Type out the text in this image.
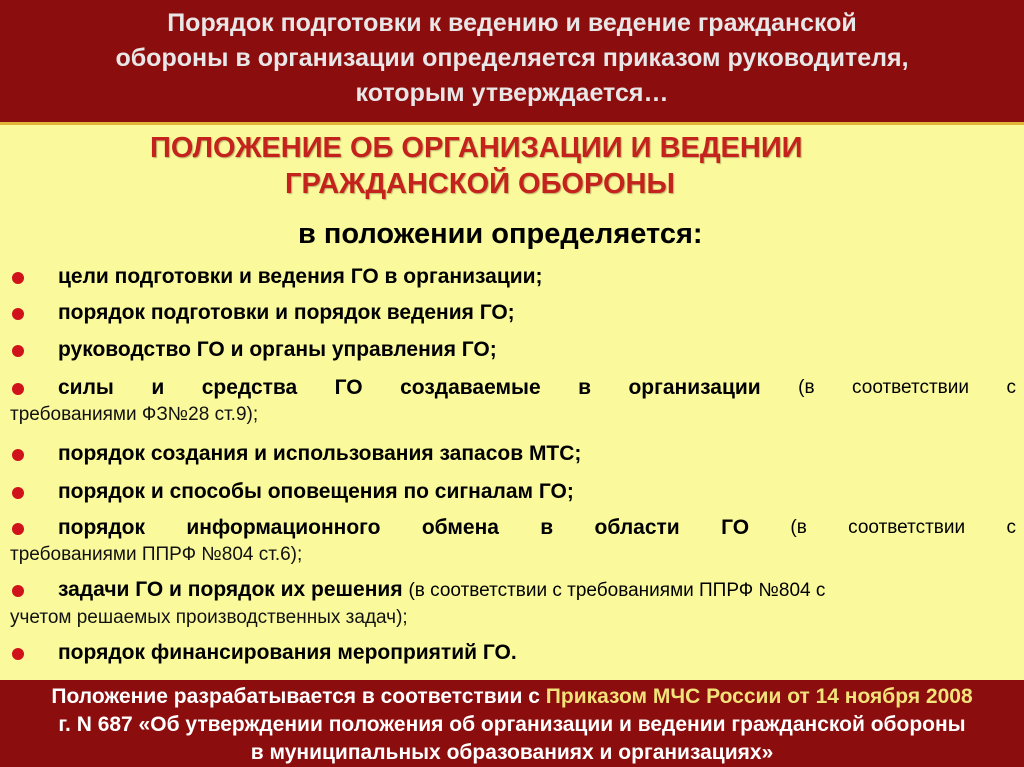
Порядок подготовки к ведению и ведение гражданской
обороны в организации определяется приказом руководителя,
которым утверждается…
ПОЛОЖЕНИЕ ОБ ОРГАНИЗАЦИИ И ВЕДЕНИИ
ГРАЖДАНСКОЙ ОБОРОНЫ
в положении определяется:
цели подготовки и ведения ГО в организации;
порядок подготовки и порядок ведения ГО;
руководство ГО и органы управления ГО;
силы и средства ГО создаваемые в организации (в соответствии с
требованиями ФЗ№28 ст.9);
порядок создания и использования запасов МТС;
порядок и способы оповещения по сигналам ГО;
порядок информационного обмена в области ГО (в соответствии с
требованиями ППРФ №804 ст.6);
задачи ГО и порядок их решения (в соответствии с требованиями ППРФ №804 с
учетом решаемых производственных задач);
порядок финансирования мероприятий ГО.
Положение разрабатывается в соответствии с Приказом МЧС России от 14 ноября 2008
г. N 687 «Об утверждении положения об организации и ведении гражданской обороны
в муниципальных образованиях и организациях»
